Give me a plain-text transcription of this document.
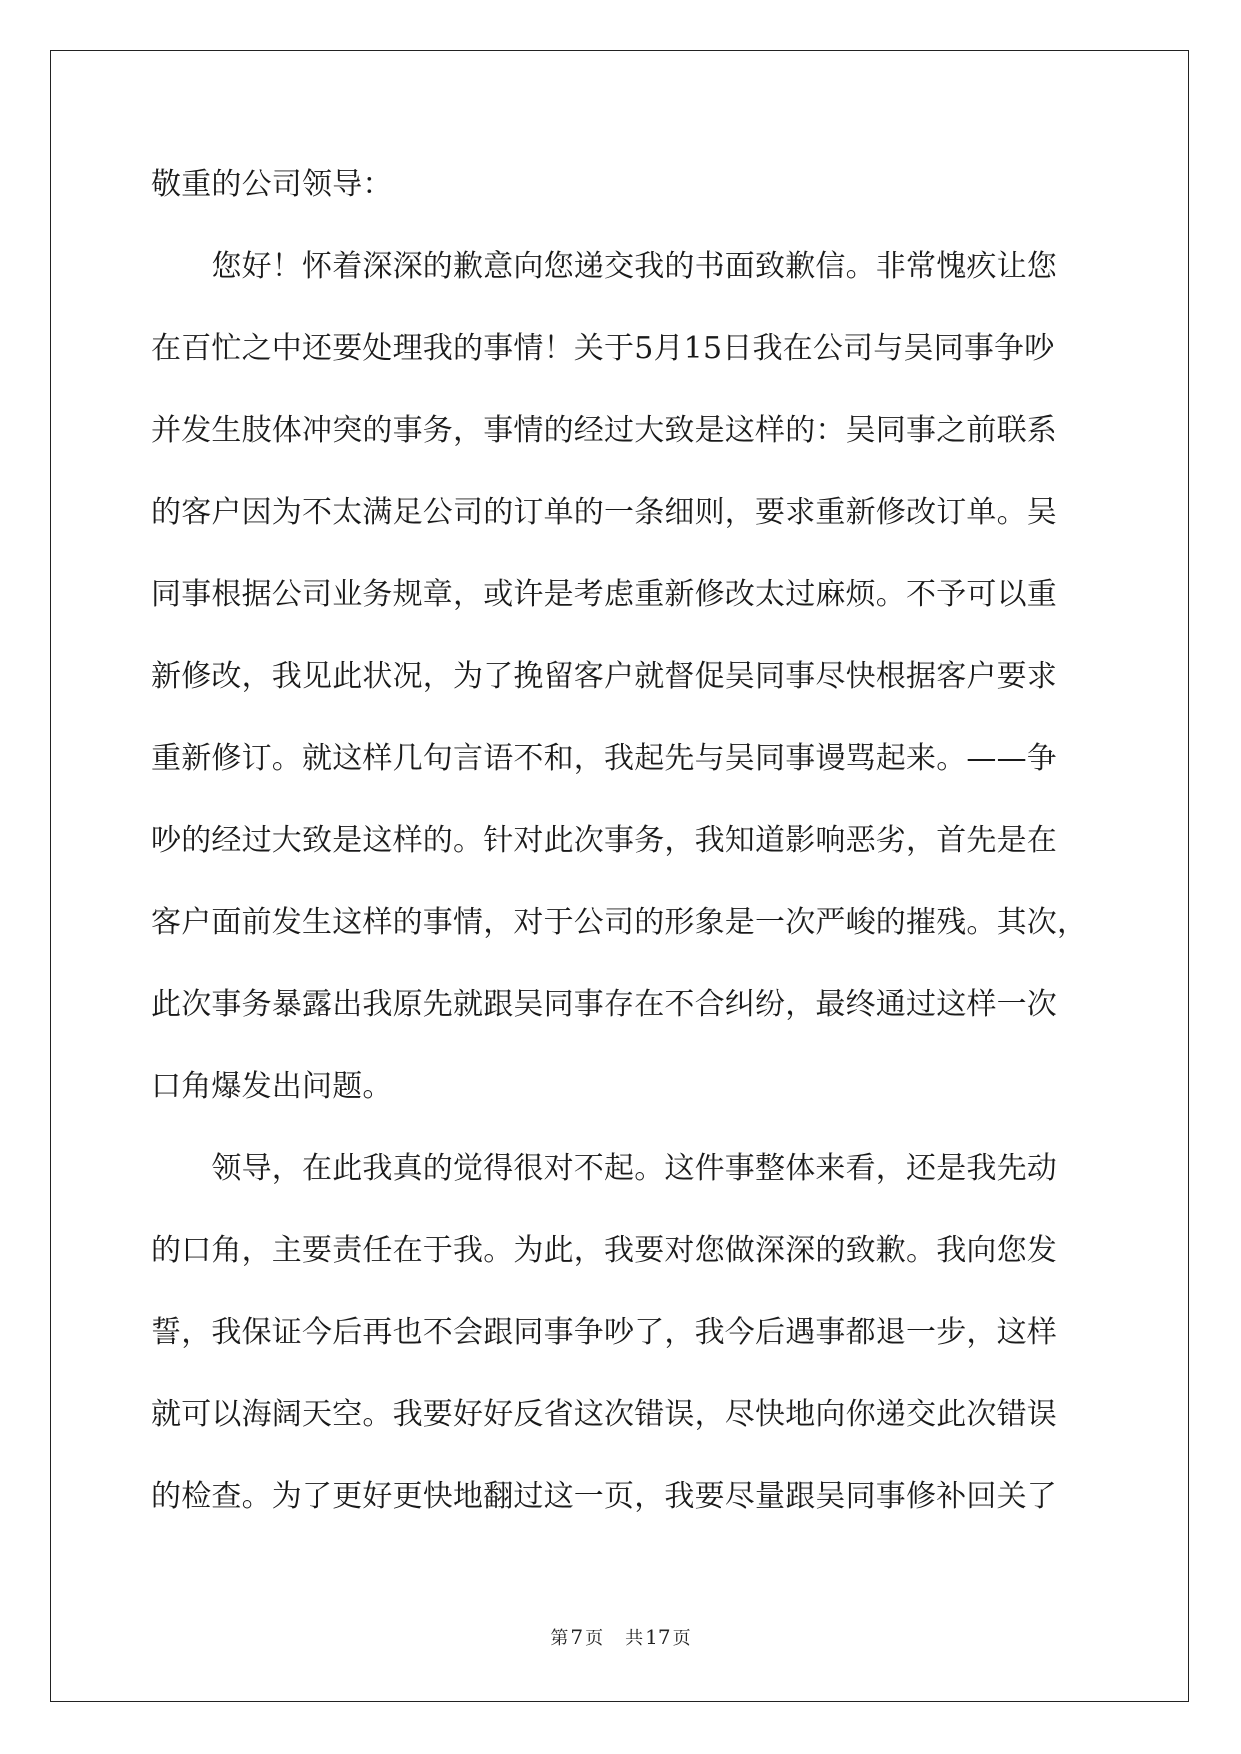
敬重的公司领导：
　　您好！怀着深深的歉意向您递交我的书面致歉信。非常愧疚让您
在百忙之中还要处理我的事情！关于5月15日我在公司与吴同事争吵
并发生肢体冲突的事务，事情的经过大致是这样的：吴同事之前联系
的客户因为不太满足公司的订单的一条细则，要求重新修改订单。吴
同事根据公司业务规章，或许是考虑重新修改太过麻烦。不予可以重
新修改，我见此状况，为了挽留客户就督促吴同事尽快根据客户要求
重新修订。就这样几句言语不和，我起先与吴同事谩骂起来。——争
吵的经过大致是这样的。针对此次事务，我知道影响恶劣，首先是在
客户面前发生这样的事情，对于公司的形象是一次严峻的摧残。其次，
此次事务暴露出我原先就跟吴同事存在不合纠纷，最终通过这样一次
口角爆发出问题。
　　领导，在此我真的觉得很对不起。这件事整体来看，还是我先动
的口角，主要责任在于我。为此，我要对您做深深的致歉。我向您发
誓，我保证今后再也不会跟同事争吵了，我今后遇事都退一步，这样
就可以海阔天空。我要好好反省这次错误，尽快地向你递交此次错误
的检查。为了更好更快地翻过这一页，我要尽量跟吴同事修补回关了
第 7 页 共 17 页
